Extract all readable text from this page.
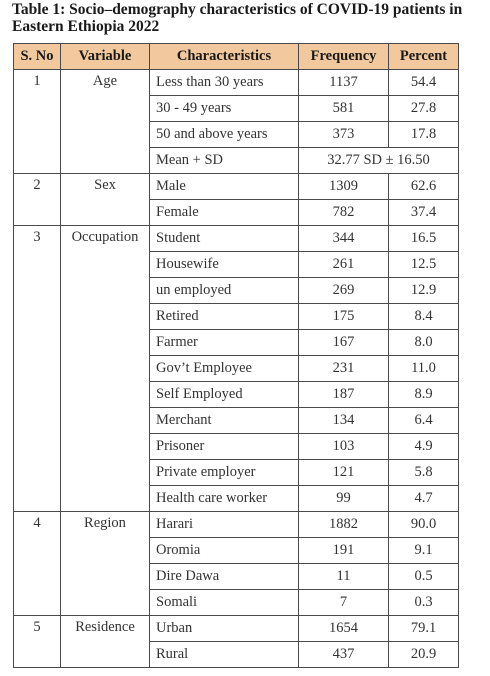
Table 1: Socio–demography characteristics of COVID-19 patients in Eastern Ethiopia 2022
S. No	Variable	Characteristics	Frequency	Percent
1	Age	Less than 30 years	1137	54.4
		30 - 49 years	581	27.8
		50 and above years	373	17.8
		Mean + SD	32.77 SD ± 16.50	
2	Sex	Male	1309	62.6
		Female	782	37.4
3	Occupation	Student	344	16.5
		Housewife	261	12.5
		un employed	269	12.9
		Retired	175	8.4
		Farmer	167	8.0
		Gov’t Employee	231	11.0
		Self Employed	187	8.9
		Merchant	134	6.4
		Prisoner	103	4.9
		Private employer	121	5.8
		Health care worker	99	4.7
4	Region	Harari	1882	90.0
		Oromia	191	9.1
		Dire Dawa	11	0.5
		Somali	7	0.3
5	Residence	Urban	1654	79.1
		Rural	437	20.9
